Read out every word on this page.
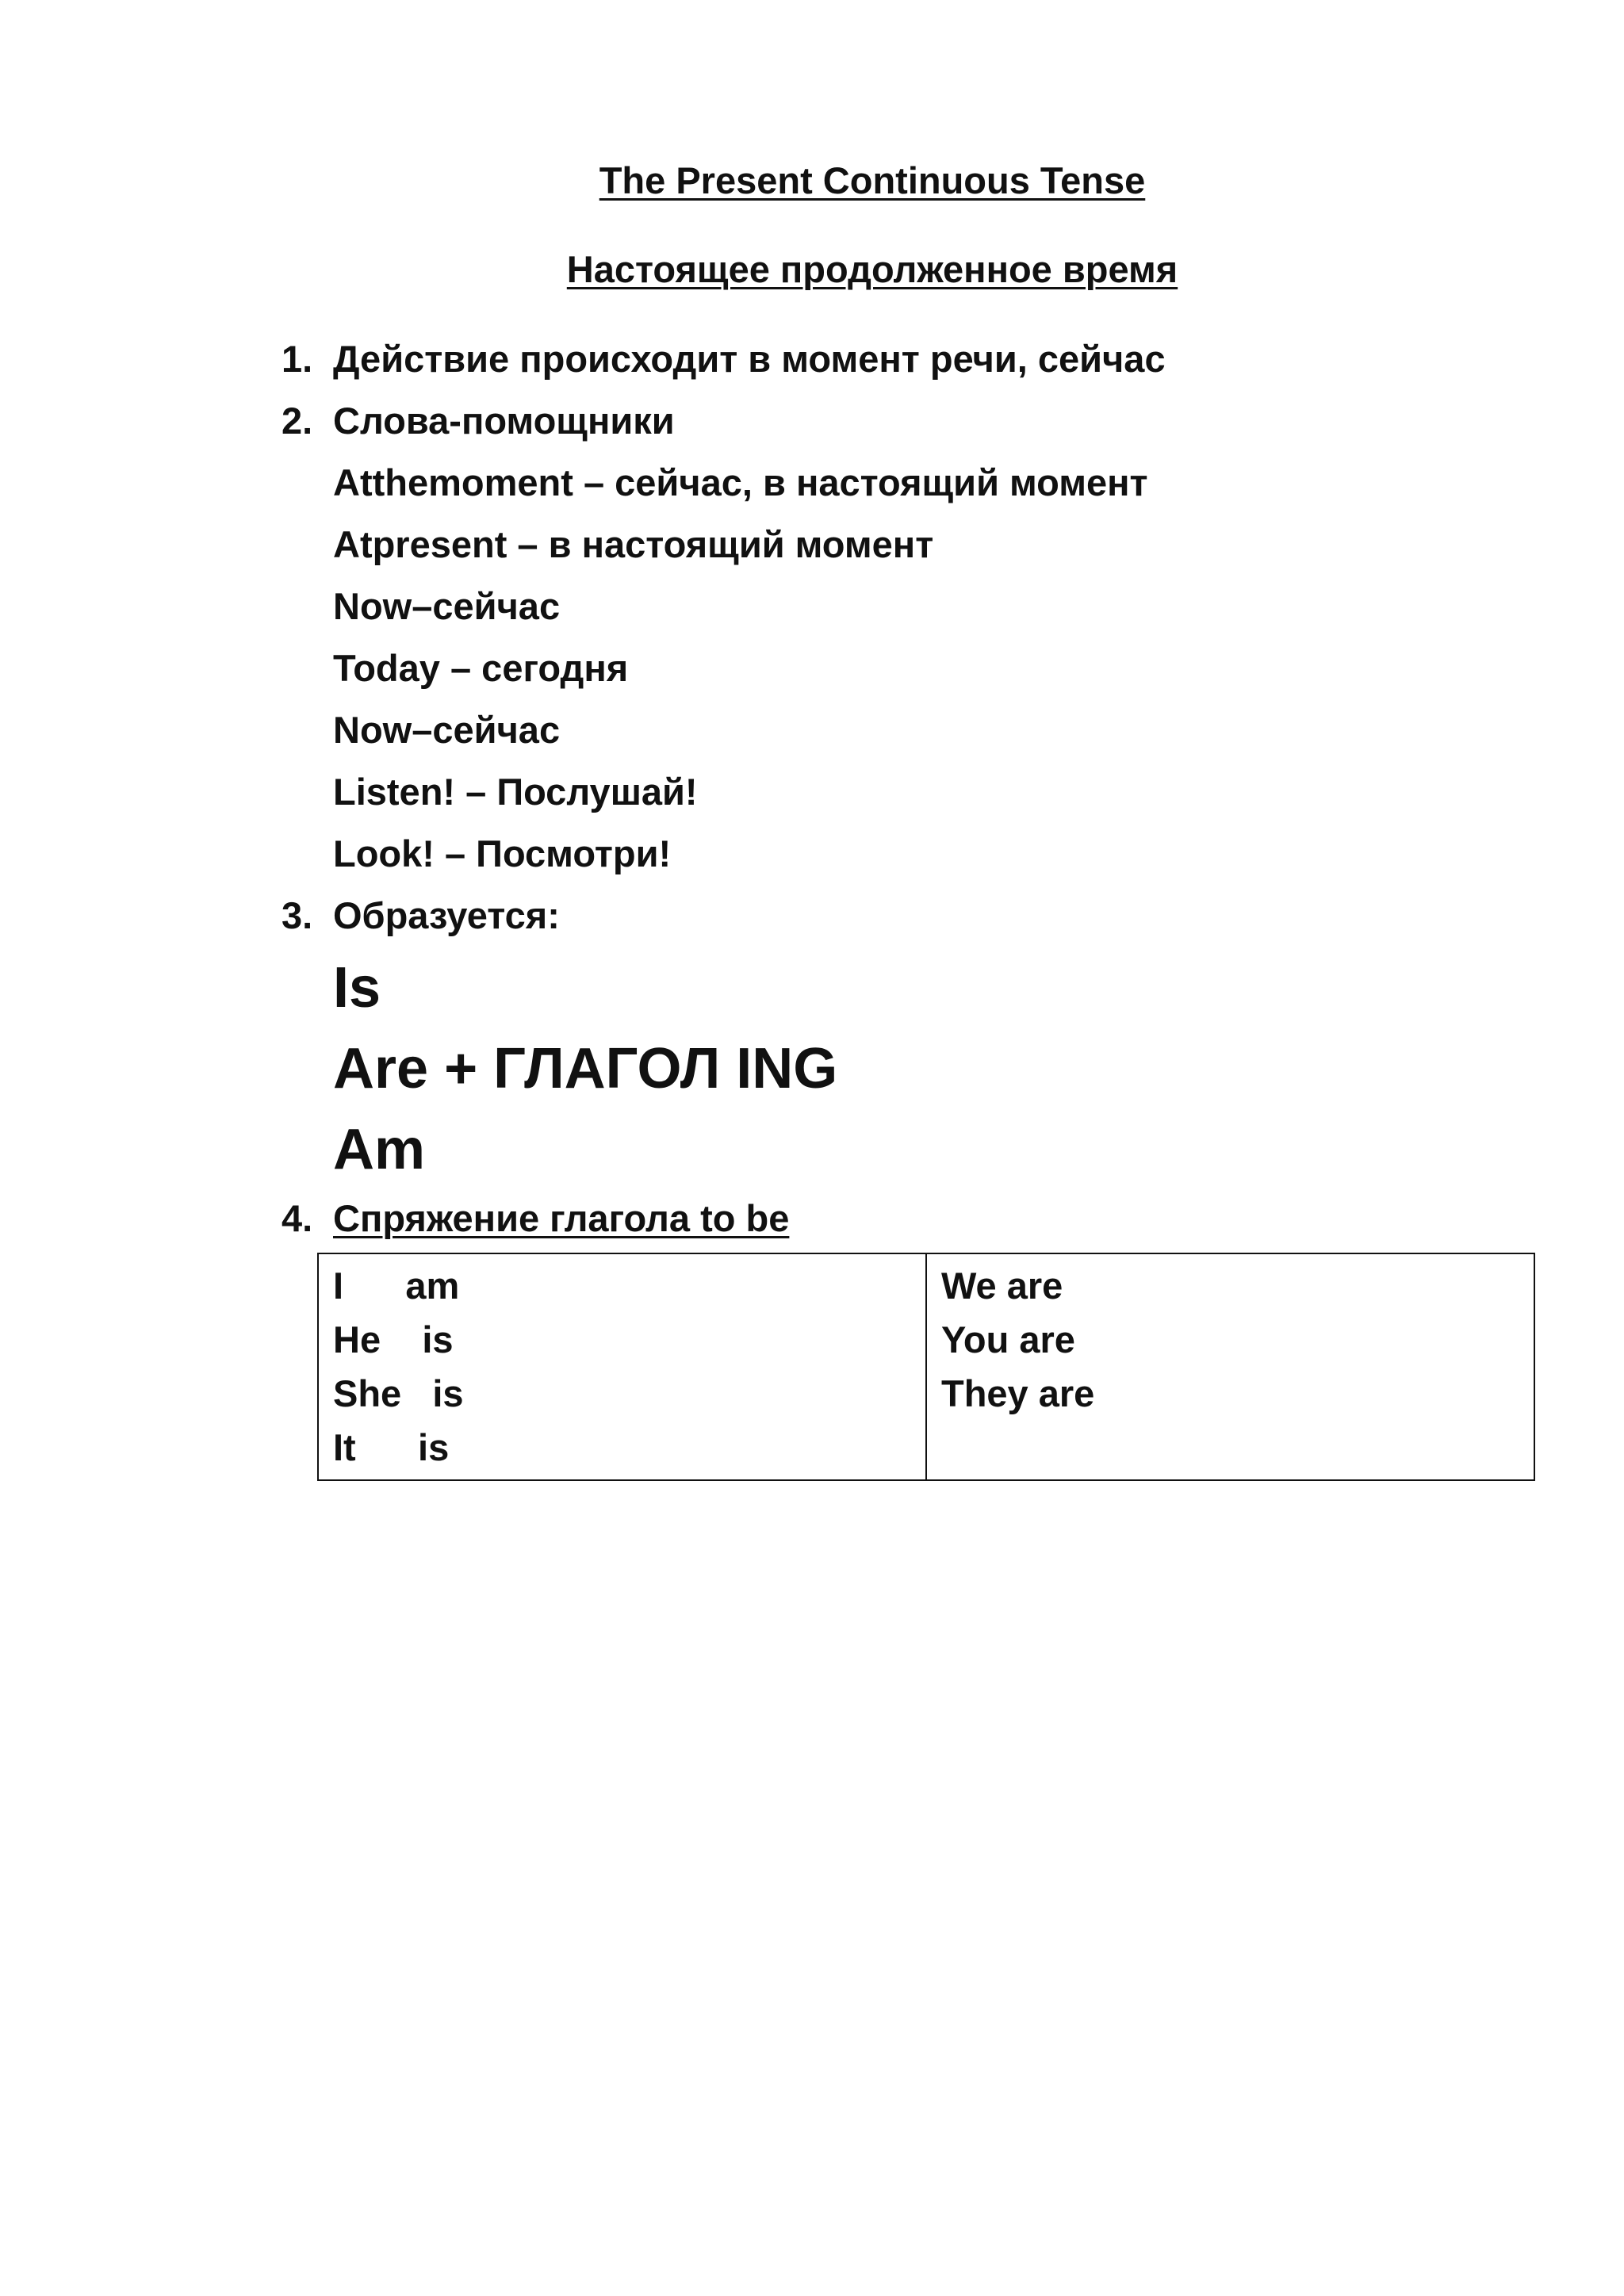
The Present Continuous Tense
Настоящее продолженное время
1. Действие происходит в момент речи, сейчас
2. Слова-помощники
Atthemoment – сейчас, в настоящий момент
Atpresent – в настоящий момент
Now–сейчас
Today – сегодня
Now–сейчас
Listen! – Послушай!
Look! – Посмотри!
3. Образуется:
Is
Are + ГЛАГОЛ ING
Am
4. Спряжение глагола to be
I      am
He    is
She   is
It      is

We are
You are
They are
